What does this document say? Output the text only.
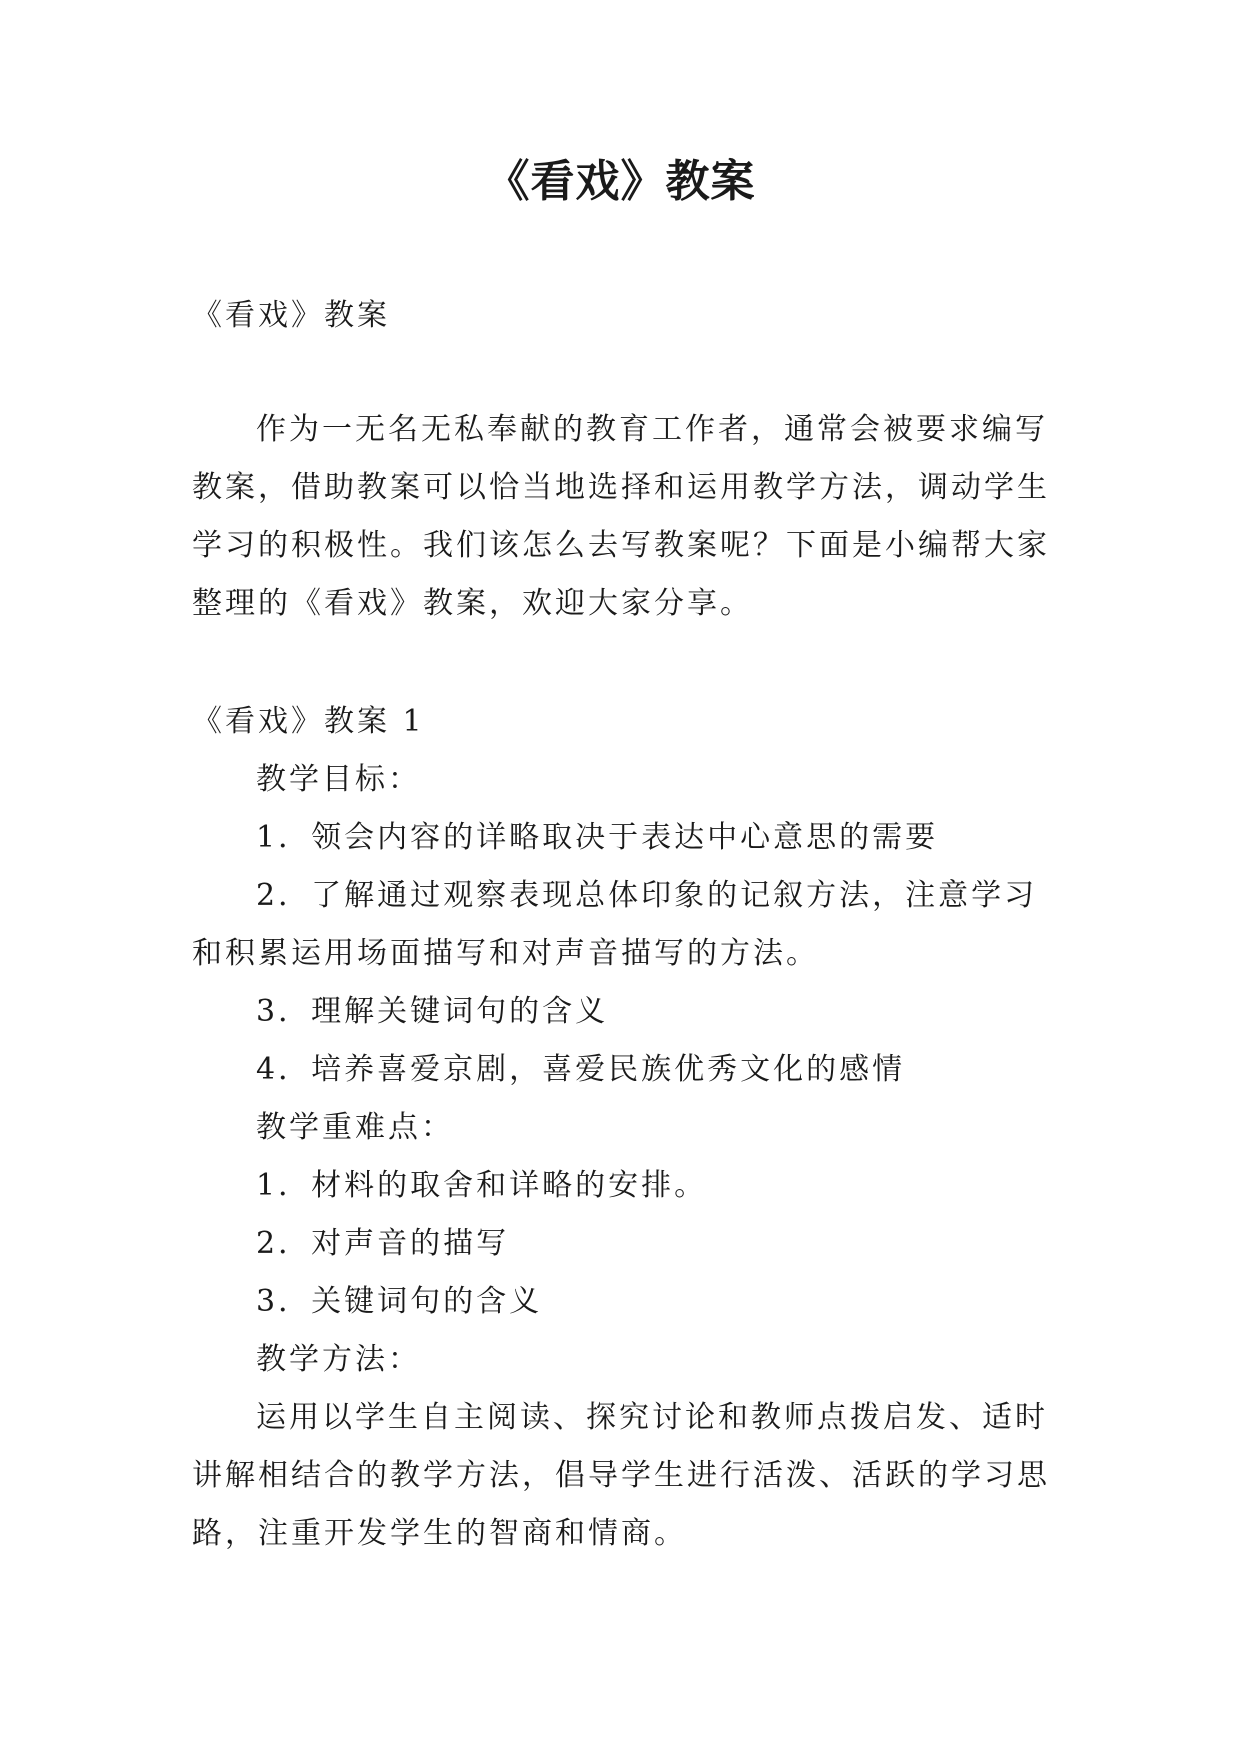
《看戏》教案
《看戏》教案
作为一无名无私奉献的教育工作者，通常会被要求编写
教案，借助教案可以恰当地选择和运用教学方法，调动学生
学习的积极性。我们该怎么去写教案呢？下面是小编帮大家
整理的《看戏》教案，欢迎大家分享。
《看戏》教案 1
教学目标：
1．领会内容的详略取决于表达中心意思的需要
2．了解通过观察表现总体印象的记叙方法，注意学习
和积累运用场面描写和对声音描写的方法。
3．理解关键词句的含义
4．培养喜爱京剧，喜爱民族优秀文化的感情
教学重难点：
1．材料的取舍和详略的安排。
2．对声音的描写
3．关键词句的含义
教学方法：
运用以学生自主阅读、探究讨论和教师点拨启发、适时
讲解相结合的教学方法，倡导学生进行活泼、活跃的学习思
路，注重开发学生的智商和情商。
